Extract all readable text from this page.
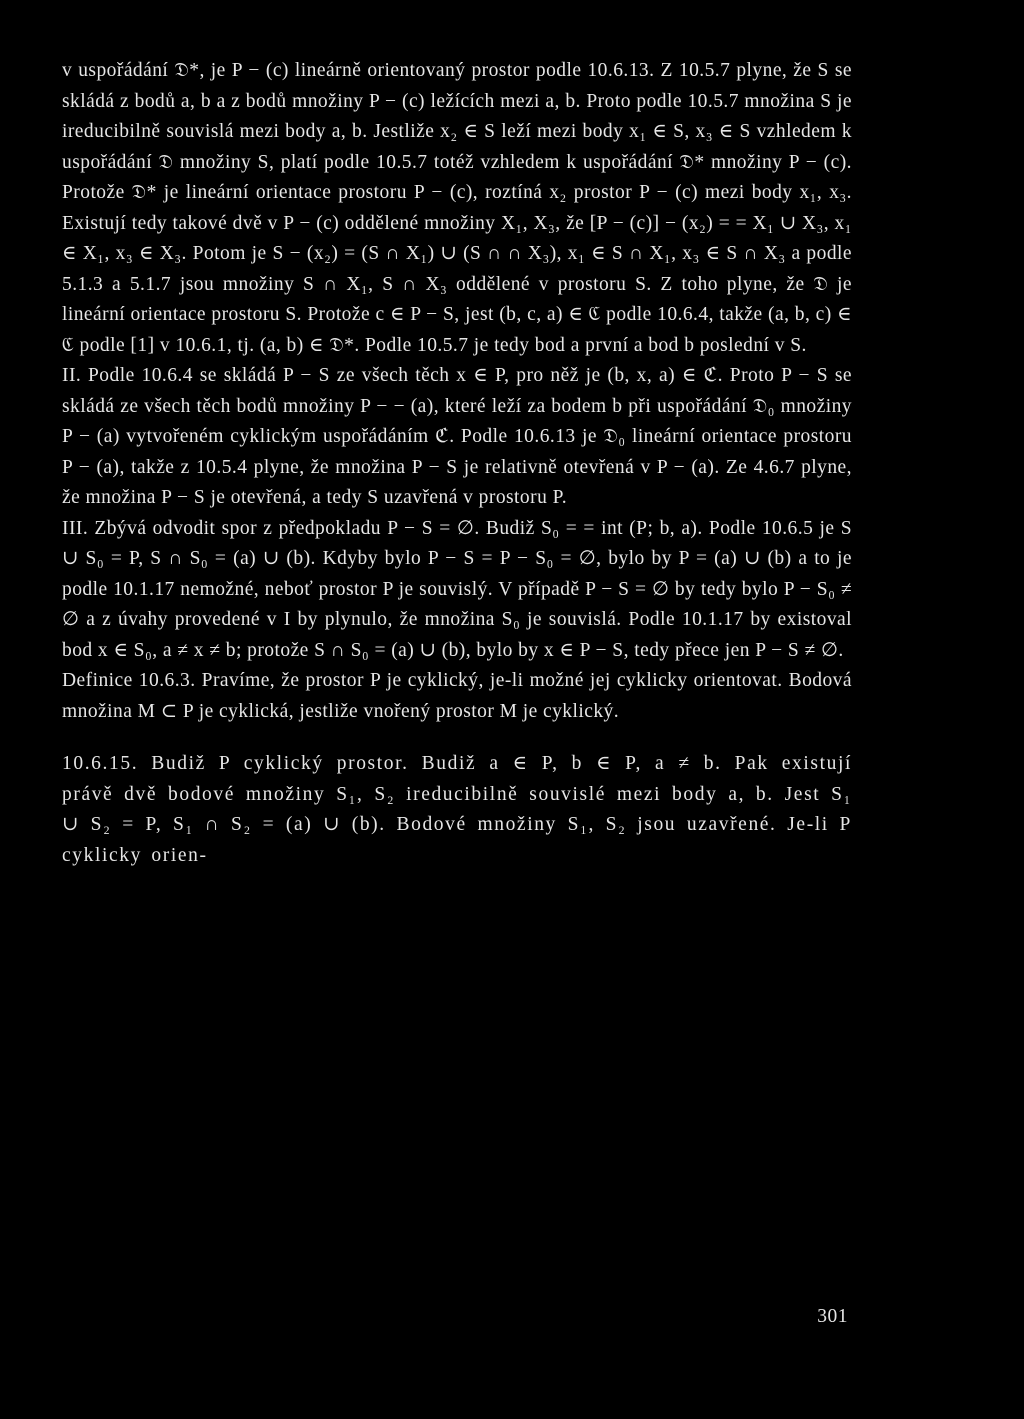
v uspořádání 𝔇*, je P − (c) lineárně orientovaný prostor podle 10.6.13. Z 10.5.7 plyne, že S se skládá z bodů a, b a z bodů množiny P − (c) ležících mezi a, b. Proto podle 10.5.7 množina S je ireducibilně souvislá mezi body a, b. Jestliže x₂ ∈ S leží mezi body x₁ ∈ S, x₃ ∈ S vzhledem k uspořádání 𝔇 množiny S, platí podle 10.5.7 totéž vzhledem k uspořádání 𝔇* množiny P − (c). Protože 𝔇* je lineární orientace prostoru P − (c), roztíná x₂ prostor P − (c) mezi body x₁, x₃. Existují tedy takové dvě v P − (c) oddělené množiny X₁, X₃, že [P − (c)] − (x₂) = = X₁ ∪ X₃, x₁ ∈ X₁, x₃ ∈ X₃. Potom je S − (x₂) = (S ∩ X₁) ∪ (S ∩ ∩ X₃), x₁ ∈ S ∩ X₁, x₃ ∈ S ∩ X₃ a podle 5.1.3 a 5.1.7 jsou množiny S ∩ X₁, S ∩ X₃ oddělené v prostoru S. Z toho plyne, že 𝔇 je lineární orientace prostoru S. Protože c ∈ P − S, jest (b, c, a) ∈ ℭ podle 10.6.4, takže (a, b, c) ∈ ℭ podle [1] v 10.6.1, tj. (a, b) ∈ 𝔇*. Podle 10.5.7 je tedy bod a první a bod b poslední v S.

II. Podle 10.6.4 se skládá P − S ze všech těch x ∈ P, pro něž je (b, x, a) ∈ ℭ. Proto P − S se skládá ze všech těch bodů množiny P − − (a), které leží za bodem b při uspořádání 𝔇₀ množiny P − (a) vytvořeném cyklickým uspořádáním ℭ. Podle 10.6.13 je 𝔇₀ lineární orientace prostoru P − (a), takže z 10.5.4 plyne, že množina P − S je relativně otevřená v P − (a). Ze 4.6.7 plyne, že množina P − S je otevřená, a tedy S uzavřená v prostoru P.

III. Zbývá odvodit spor z předpokladu P − S = ∅. Budiž S₀ = = int (P; b, a). Podle 10.6.5 je S ∪ S₀ = P, S ∩ S₀ = (a) ∪ (b). Kdyby bylo P − S = P − S₀ = ∅, bylo by P = (a) ∪ (b) a to je podle 10.1.17 nemožné, neboť prostor P je souvislý. V případě P − S = ∅ by tedy bylo P − S₀ ≠ ∅ a z úvahy provedené v I by plynulo, že množina S₀ je souvislá. Podle 10.1.17 by existoval bod x ∈ S₀, a ≠ x ≠ b; protože S ∩ S₀ = (a) ∪ (b), bylo by x ∈ P − S, tedy přece jen P − S ≠ ∅.

Definice 10.6.3. Pravíme, že prostor P je cyklický, je-li možné jej cyklicky orientovat. Bodová množina M ⊂ P je cyklická, jestliže vnořený prostor M je cyklický.

10.6.15. Budiž P cyklický prostor. Budiž a ∈ P, b ∈ P, a ≠ b. Pak existují právě dvě bodové množiny S₁, S₂ ireducibilně souvislé mezi body a, b. Jest S₁ ∪ S₂ = P, S₁ ∩ S₂ = (a) ∪ (b). Bodové množiny S₁, S₂ jsou uzavřené. Je-li P cyklicky orien-

301
